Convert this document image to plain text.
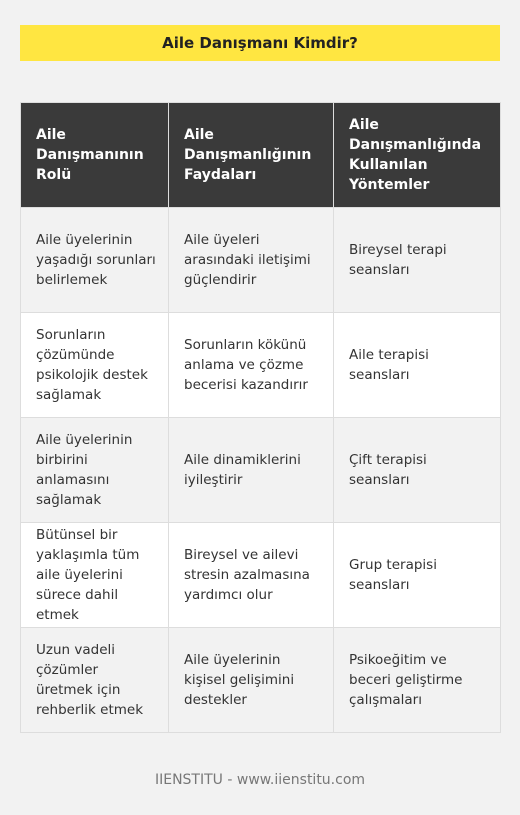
Aile Danışmanı Kimdir?
Aile Danışmanının Rolü	Aile Danışmanlığının Faydaları	Aile Danışmanlığında Kullanılan Yöntemler
Aile üyelerinin yaşadığı sorunları belirlemek	Aile üyeleri arasındaki iletişimi güçlendirir	Bireysel terapi seansları
Sorunların çözümünde psikolojik destek sağlamak	Sorunların kökünü anlama ve çözme becerisi kazandırır	Aile terapisi seansları
Aile üyelerinin birbirini anlamasını sağlamak	Aile dinamiklerini iyileştirir	Çift terapisi seansları
Bütünsel bir yaklaşımla tüm aile üyelerini sürece dahil etmek	Bireysel ve ailevi stresin azalmasına yardımcı olur	Grup terapisi seansları
Uzun vadeli çözümler üretmek için rehberlik etmek	Aile üyelerinin kişisel gelişimini destekler	Psikoeğitim ve beceri geliştirme çalışmaları
IIENSTITU - www.iienstitu.com
